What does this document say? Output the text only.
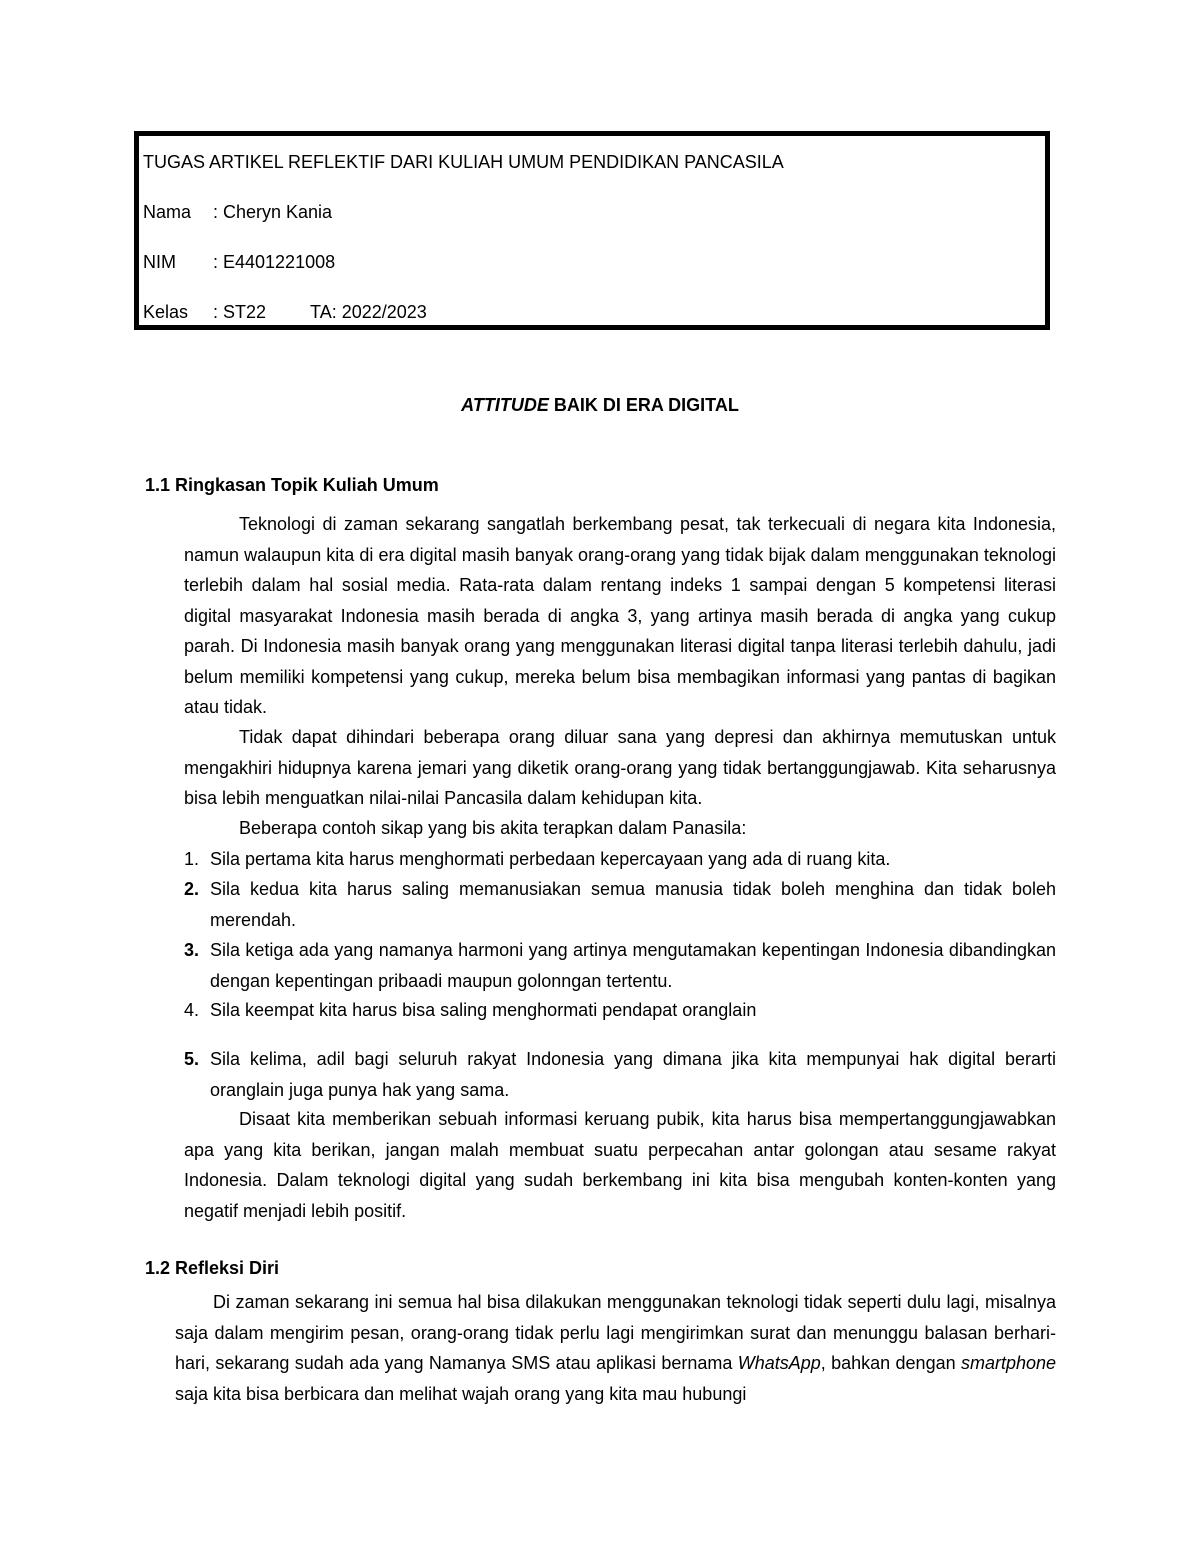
TUGAS ARTIKEL REFLEKTIF DARI KULIAH UMUM PENDIDIKAN PANCASILA
Nama : Cheryn Kania
NIM : E4401221008
Kelas : ST22 TA: 2022/2023
ATTITUDE BAIK DI ERA DIGITAL
1.1 Ringkasan Topik Kuliah Umum

Teknologi di zaman sekarang sangatlah berkembang pesat, tak terkecuali di negara kita Indonesia, namun walaupun kita di era digital masih banyak orang-orang yang tidak bijak dalam menggunakan teknologi terlebih dalam hal sosial media. Rata-rata dalam rentang indeks 1 sampai dengan 5 kompetensi literasi digital masyarakat Indonesia masih berada di angka 3, yang artinya masih berada di angka yang cukup parah. Di Indonesia masih banyak orang yang menggunakan literasi digital tanpa literasi terlebih dahulu, jadi belum memiliki kompetensi yang cukup, mereka belum bisa membagikan informasi yang pantas di bagikan atau tidak.

Tidak dapat dihindari beberapa orang diluar sana yang depresi dan akhirnya memutuskan untuk mengakhiri hidupnya karena jemari yang diketik orang-orang yang tidak bertanggungjawab. Kita seharusnya bisa lebih menguatkan nilai-nilai Pancasila dalam kehidupan kita.

Beberapa contoh sikap yang bis akita terapkan dalam Panasila:

1. Sila pertama kita harus menghormati perbedaan kepercayaan yang ada di ruang kita.
2. Sila kedua kita harus saling memanusiakan semua manusia tidak boleh menghina dan tidak boleh merendah.
3. Sila ketiga ada yang namanya harmoni yang artinya mengutamakan kepentingan Indonesia dibandingkan dengan kepentingan pribaadi maupun golonngan tertentu.
4. Sila keempat kita harus bisa saling menghormati pendapat oranglain
5. Sila kelima, adil bagi seluruh rakyat Indonesia yang dimana jika kita mempunyai hak digital berarti oranglain juga punya hak yang sama.

Disaat kita memberikan sebuah informasi keruang pubik, kita harus bisa mempertanggungjawabkan apa yang kita berikan, jangan malah membuat suatu perpecahan antar golongan atau sesame rakyat Indonesia. Dalam teknologi digital yang sudah berkembang ini kita bisa mengubah konten-konten yang negatif menjadi lebih positif.

1.2 Refleksi Diri

Di zaman sekarang ini semua hal bisa dilakukan menggunakan teknologi tidak seperti dulu lagi, misalnya saja dalam mengirim pesan, orang-orang tidak perlu lagi mengirimkan surat dan menunggu balasan berhari-hari, sekarang sudah ada yang Namanya SMS atau aplikasi bernama WhatsApp, bahkan dengan smartphone saja kita bisa berbicara dan melihat wajah orang yang kita mau hubungi
